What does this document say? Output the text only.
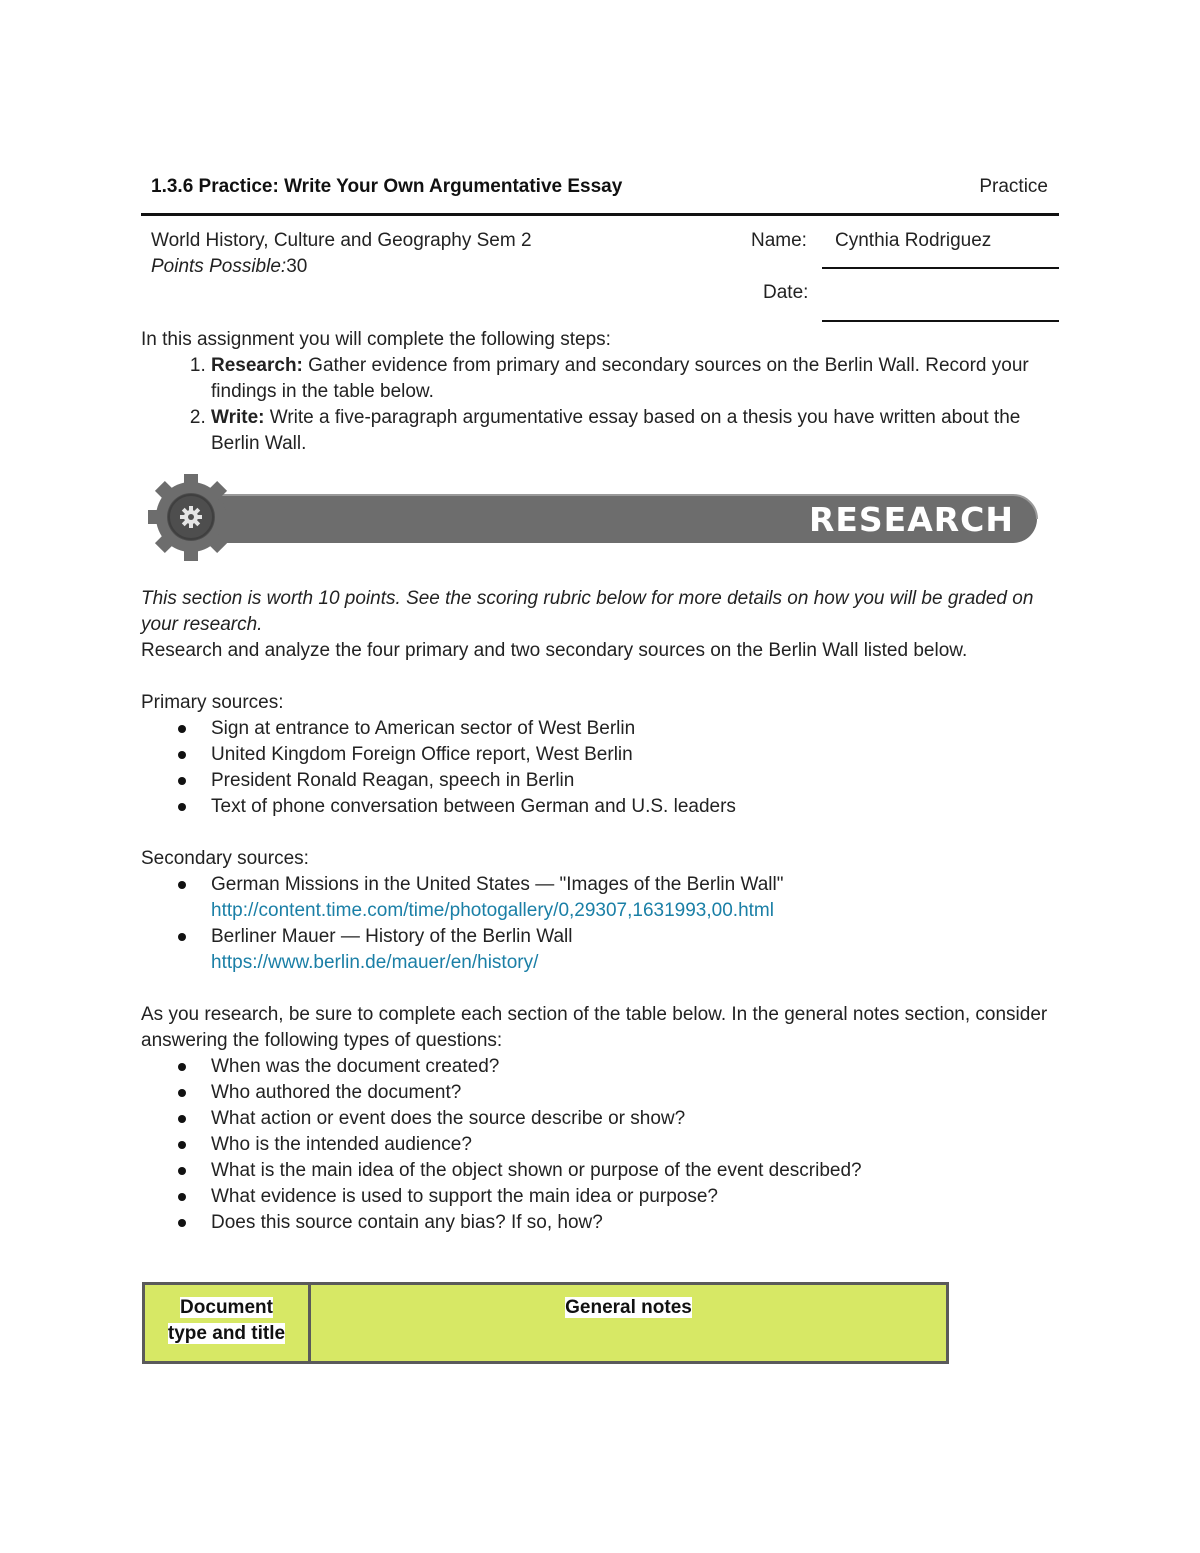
1.3.6 Practice: Write Your Own Argumentative Essay	Practice
World History, Culture and Geography Sem 2
Points Possible:30
Name: Cynthia Rodriguez
Date:
In this assignment you will complete the following steps:
1. Research: Gather evidence from primary and secondary sources on the Berlin Wall. Record your findings in the table below.
2. Write: Write a five-paragraph argumentative essay based on a thesis you have written about the Berlin Wall.
RESEARCH
This section is worth 10 points. See the scoring rubric below for more details on how you will be graded on your research.
Research and analyze the four primary and two secondary sources on the Berlin Wall listed below.
Primary sources:
Sign at entrance to American sector of West Berlin
United Kingdom Foreign Office report, West Berlin
President Ronald Reagan, speech in Berlin
Text of phone conversation between German and U.S. leaders
Secondary sources:
German Missions in the United States — "Images of the Berlin Wall"
http://content.time.com/time/photogallery/0,29307,1631993,00.html
Berliner Mauer — History of the Berlin Wall
https://www.berlin.de/mauer/en/history/
As you research, be sure to complete each section of the table below. In the general notes section, consider answering the following types of questions:
When was the document created?
Who authored the document?
What action or event does the source describe or show?
Who is the intended audience?
What is the main idea of the object shown or purpose of the event described?
What evidence is used to support the main idea or purpose?
Does this source contain any bias? If so, how?
Document
type and title	General notes
